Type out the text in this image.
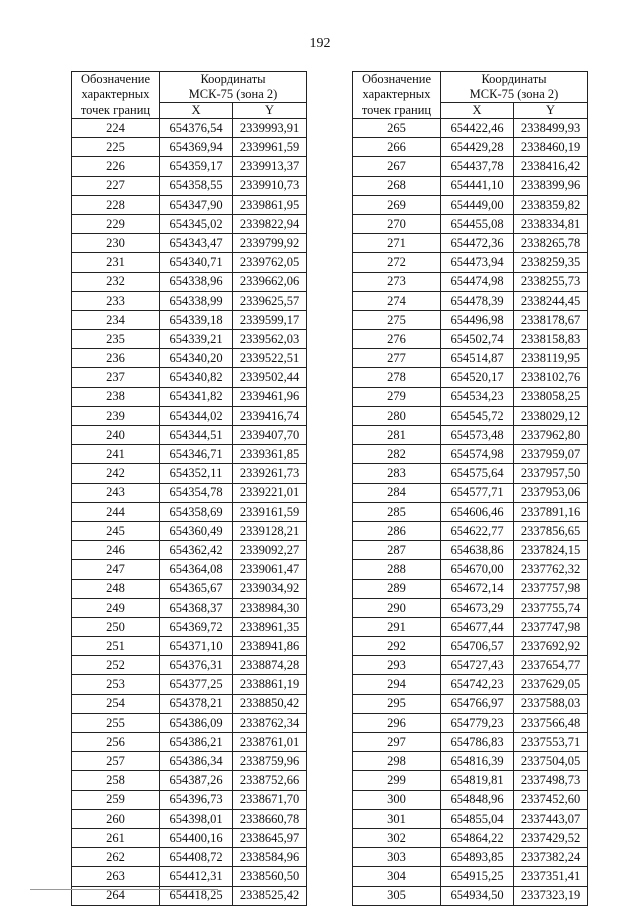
192
Обозначение
характерных
точек границ	Координаты	
	МСК-75 (зона 2)	
	X	Y
224	654376,54	2339993,91
225	654369,94	2339961,59
226	654359,17	2339913,37
227	654358,55	2339910,73
228	654347,90	2339861,95
229	654345,02	2339822,94
230	654343,47	2339799,92
231	654340,71	2339762,05
232	654338,96	2339662,06
233	654338,99	2339625,57
234	654339,18	2339599,17
235	654339,21	2339562,03
236	654340,20	2339522,51
237	654340,82	2339502,44
238	654341,82	2339461,96
239	654344,02	2339416,74
240	654344,51	2339407,70
241	654346,71	2339361,85
242	654352,11	2339261,73
243	654354,78	2339221,01
244	654358,69	2339161,59
245	654360,49	2339128,21
246	654362,42	2339092,27
247	654364,08	2339061,47
248	654365,67	2339034,92
249	654368,37	2338984,30
250	654369,72	2338961,35
251	654371,10	2338941,86
252	654376,31	2338874,28
253	654377,25	2338861,19
254	654378,21	2338850,42
255	654386,09	2338762,34
256	654386,21	2338761,01
257	654386,34	2338759,96
258	654387,26	2338752,66
259	654396,73	2338671,70
260	654398,01	2338660,78
261	654400,16	2338645,97
262	654408,72	2338584,96
263	654412,31	2338560,50
264	654418,25	2338525,42
Обозначение
характерных
точек границ	Координаты	
	МСК-75 (зона 2)	
	X	Y
265	654422,46	2338499,93
266	654429,28	2338460,19
267	654437,78	2338416,42
268	654441,10	2338399,96
269	654449,00	2338359,82
270	654455,08	2338334,81
271	654472,36	2338265,78
272	654473,94	2338259,35
273	654474,98	2338255,73
274	654478,39	2338244,45
275	654496,98	2338178,67
276	654502,74	2338158,83
277	654514,87	2338119,95
278	654520,17	2338102,76
279	654534,23	2338058,25
280	654545,72	2338029,12
281	654573,48	2337962,80
282	654574,98	2337959,07
283	654575,64	2337957,50
284	654577,71	2337953,06
285	654606,46	2337891,16
286	654622,77	2337856,65
287	654638,86	2337824,15
288	654670,00	2337762,32
289	654672,14	2337757,98
290	654673,29	2337755,74
291	654677,44	2337747,98
292	654706,57	2337692,92
293	654727,43	2337654,77
294	654742,23	2337629,05
295	654766,97	2337588,03
296	654779,23	2337566,48
297	654786,83	2337553,71
298	654816,39	2337504,05
299	654819,81	2337498,73
300	654848,96	2337452,60
301	654855,04	2337443,07
302	654864,22	2337429,52
303	654893,85	2337382,24
304	654915,25	2337351,41
305	654934,50	2337323,19
